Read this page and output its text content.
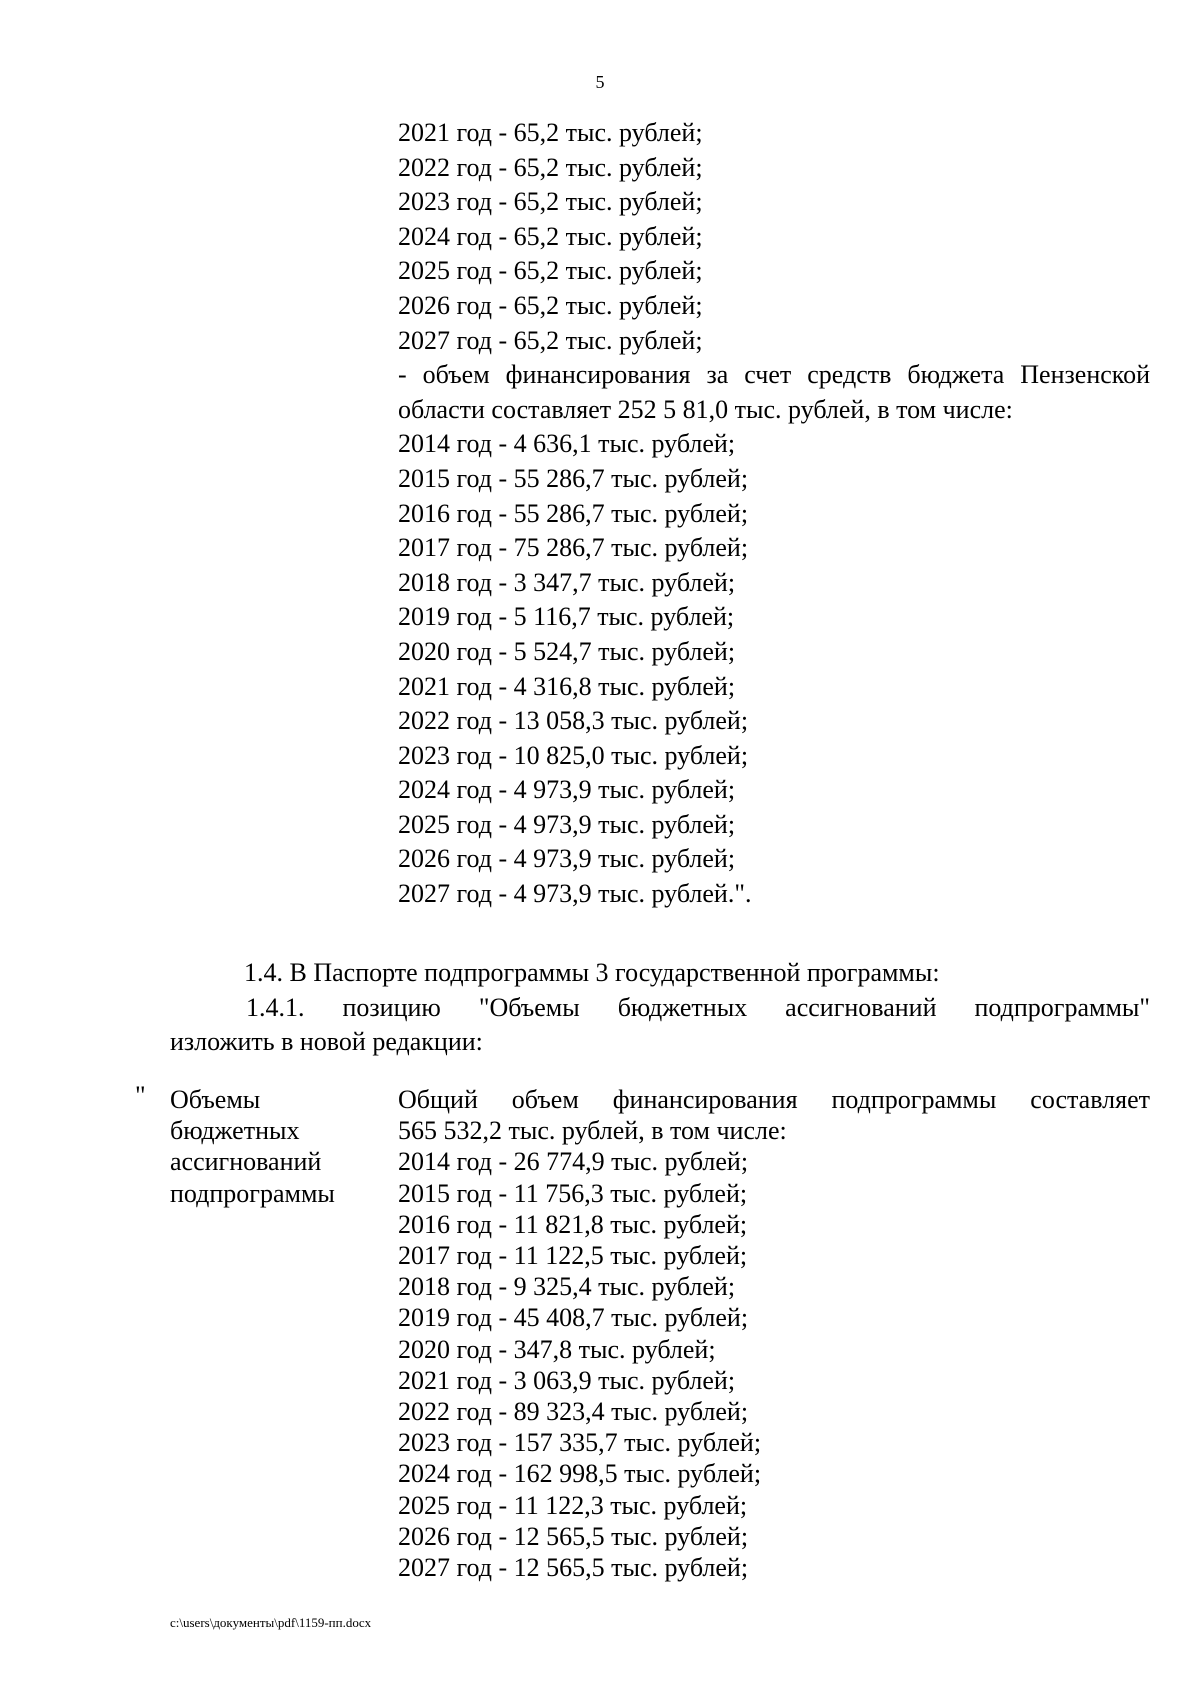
5
2021 год - 65,2 тыс. рублей;
2022 год - 65,2 тыс. рублей;
2023 год - 65,2 тыс. рублей;
2024 год - 65,2 тыс. рублей;
2025 год - 65,2 тыс. рублей;
2026 год - 65,2 тыс. рублей;
2027 год - 65,2 тыс. рублей;
- объем финансирования за счет средств бюджета Пензенской
области составляет 252 5 81,0 тыс. рублей, в том числе:
2014 год - 4 636,1 тыс. рублей;
2015 год - 55 286,7 тыс. рублей;
2016 год - 55 286,7 тыс. рублей;
2017 год - 75 286,7 тыс. рублей;
2018 год - 3 347,7 тыс. рублей;
2019 год - 5 116,7 тыс. рублей;
2020 год - 5 524,7 тыс. рублей;
2021 год - 4 316,8 тыс. рублей;
2022 год - 13 058,3 тыс. рублей;
2023 год - 10 825,0 тыс. рублей;
2024 год - 4 973,9 тыс. рублей;
2025 год - 4 973,9 тыс. рублей;
2026 год - 4 973,9 тыс. рублей;
2027 год - 4 973,9 тыс. рублей.".
1.4. В Паспорте подпрограммы 3 государственной программы:
1.4.1. позицию "Объемы бюджетных ассигнований подпрограммы"
изложить в новой редакции:
" Объемы
бюджетных
ассигнований
подпрограммы
Общий объем финансирования подпрограммы составляет
565 532,2 тыс. рублей, в том числе:
2014 год - 26 774,9 тыс. рублей;
2015 год - 11 756,3 тыс. рублей;
2016 год - 11 821,8 тыс. рублей;
2017 год - 11 122,5 тыс. рублей;
2018 год - 9 325,4 тыс. рублей;
2019 год - 45 408,7 тыс. рублей;
2020 год - 347,8 тыс. рублей;
2021 год - 3 063,9 тыс. рублей;
2022 год - 89 323,4 тыс. рублей;
2023 год - 157 335,7 тыс. рублей;
2024 год - 162 998,5 тыс. рублей;
2025 год - 11 122,3 тыс. рублей;
2026 год - 12 565,5 тыс. рублей;
2027 год - 12 565,5 тыс. рублей;
c:\users\документы\pdf\1159-пп.docx
